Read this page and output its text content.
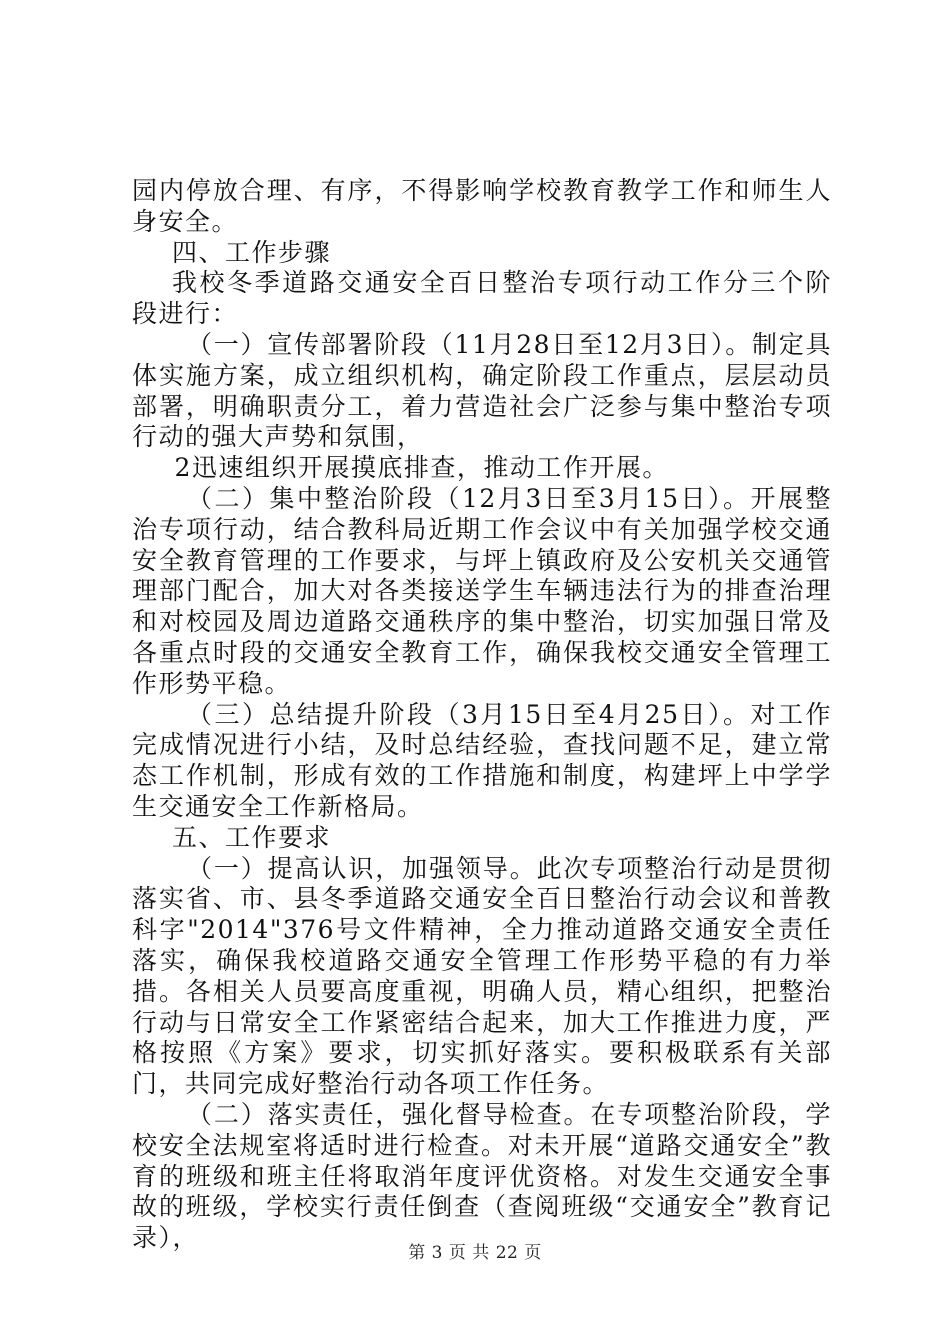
园内停放合理、有序，不得影响学校教育教学工作和师生人身安全。

四、工作步骤

我校冬季道路交通安全百日整治专项行动工作分三个阶段进行：

（一）宣传部署阶段（11月28日至12月3日）。制定具体实施方案，成立组织机构，确定阶段工作重点，层层动员部署，明确职责分工，着力营造社会广泛参与集中整治专项行动的强大声势和氛围，

2迅速组织开展摸底排查，推动工作开展。

（二）集中整治阶段（12月3日至3月15日）。开展整治专项行动，结合教科局近期工作会议中有关加强学校交通安全教育管理的工作要求，与坪上镇政府及公安机关交通管理部门配合，加大对各类接送学生车辆违法行为的排查治理和对校园及周边道路交通秩序的集中整治，切实加强日常及各重点时段的交通安全教育工作，确保我校交通安全管理工作形势平稳。

（三）总结提升阶段（3月15日至4月25日）。对工作完成情况进行小结，及时总结经验，查找问题不足，建立常态工作机制，形成有效的工作措施和制度，构建坪上中学学生交通安全工作新格局。

五、工作要求

（一）提高认识，加强领导。此次专项整治行动是贯彻落实省、市、县冬季道路交通安全百日整治行动会议和普教科字"2014"376号文件精神，全力推动道路交通安全责任落实，确保我校道路交通安全管理工作形势平稳的有力举措。各相关人员要高度重视，明确人员，精心组织，把整治行动与日常安全工作紧密结合起来，加大工作推进力度，严格按照《方案》要求，切实抓好落实。要积极联系有关部门，共同完成好整治行动各项工作任务。

（二）落实责任，强化督导检查。在专项整治阶段，学校安全法规室将适时进行检查。对未开展“道路交通安全”教育的班级和班主任将取消年度评优资格。对发生交通安全事故的班级，学校实行责任倒查（查阅班级“交通安全”教育记录），

第 3 页 共 22 页
